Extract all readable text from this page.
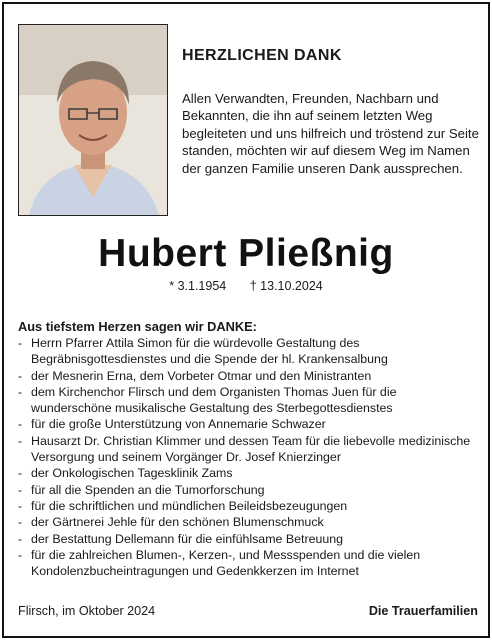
HERZLICHEN DANK
Allen Verwandten, Freunden, Nachbarn und Bekannten, die ihn auf seinem letzten Weg begleiteten und uns hilfreich und tröstend zur Seite standen, möchten wir auf diesem Weg im Namen der ganzen Familie unseren Dank aussprechen.
Hubert Pließnig
* 3.1.1954 † 13.10.2024
Aus tiefstem Herzen sagen wir DANKE:
- Herrn Pfarrer Attila Simon für die würdevolle Gestaltung des Begräbnisgottesdienstes und die Spende der hl. Krankensalbung
- der Mesnerin Erna, dem Vorbeter Otmar und den Ministranten
- dem Kirchenchor Flirsch und dem Organisten Thomas Juen für die wunderschöne musikalische Gestaltung des Sterbegottesdienstes
- für die große Unterstützung von Annemarie Schwazer
- Hausarzt Dr. Christian Klimmer und dessen Team für die liebevolle medizinische Versorgung und seinem Vorgänger Dr. Josef Knierzinger
- der Onkologischen Tagesklinik Zams
- für all die Spenden an die Tumorforschung
- für die schriftlichen und mündlichen Beileidsbezeugungen
- der Gärtnerei Jehle für den schönen Blumenschmuck
- der Bestattung Dellemann für die einfühlsame Betreuung
- für die zahlreichen Blumen-, Kerzen-, und Messspenden und die vielen Kondolenzbucheintragungen und Gedenkkerzen im Internet
Flirsch, im Oktober 2024	Die Trauerfamilien
